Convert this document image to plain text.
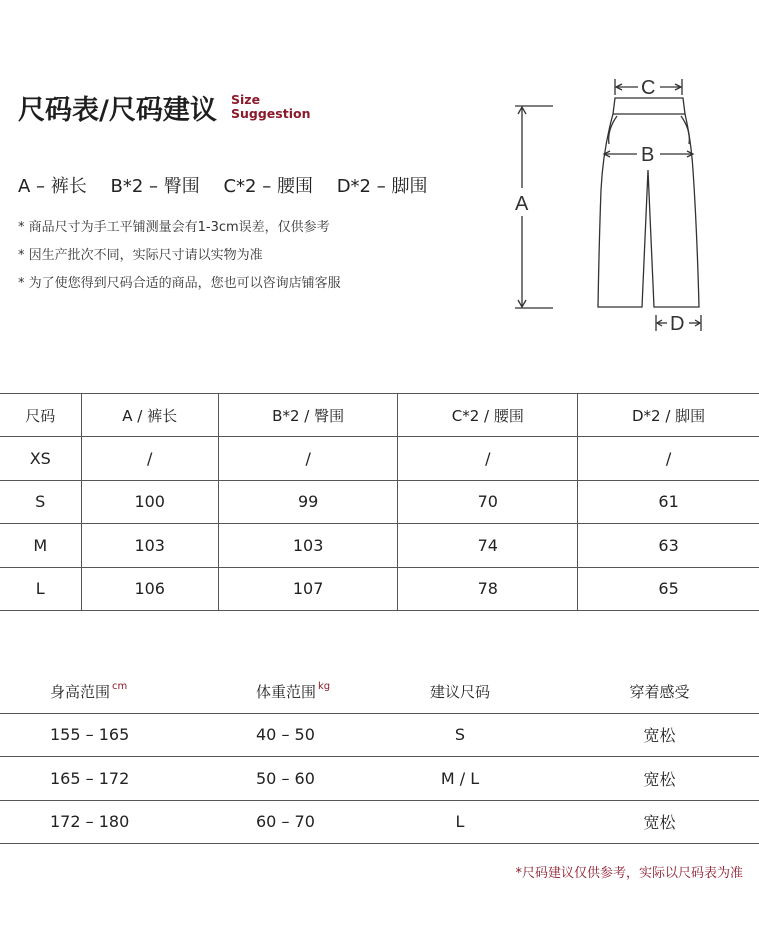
尺码表/尺码建议 Size
Suggestion
A – 裤长 B*2 – 臀围 C*2 – 腰围 D*2 – 脚围
* 商品尺寸为手工平铺测量会有1-3cm误差，仅供参考
* 因生产批次不同，实际尺寸请以实物为准
* 为了使您得到尺码合适的商品，您也可以咨询店铺客服
A
C
B
D
尺码	A / 裤长	B*2 / 臀围	C*2 / 腰围	D*2 / 脚围
XS	/	/	/	/
S	100	99	70	61
M	103	103	74	63
L	106	107	78	65
身高范围 $^{cm}$	体重范围 $^{kg}$	建议尺码	穿着感受
155 – 165	40 – 50	S	宽松
165 – 172	50 – 60	M / L	宽松
172 – 180	60 – 70	L	宽松
*尺码建议仅供参考，实际以尺码表为准
